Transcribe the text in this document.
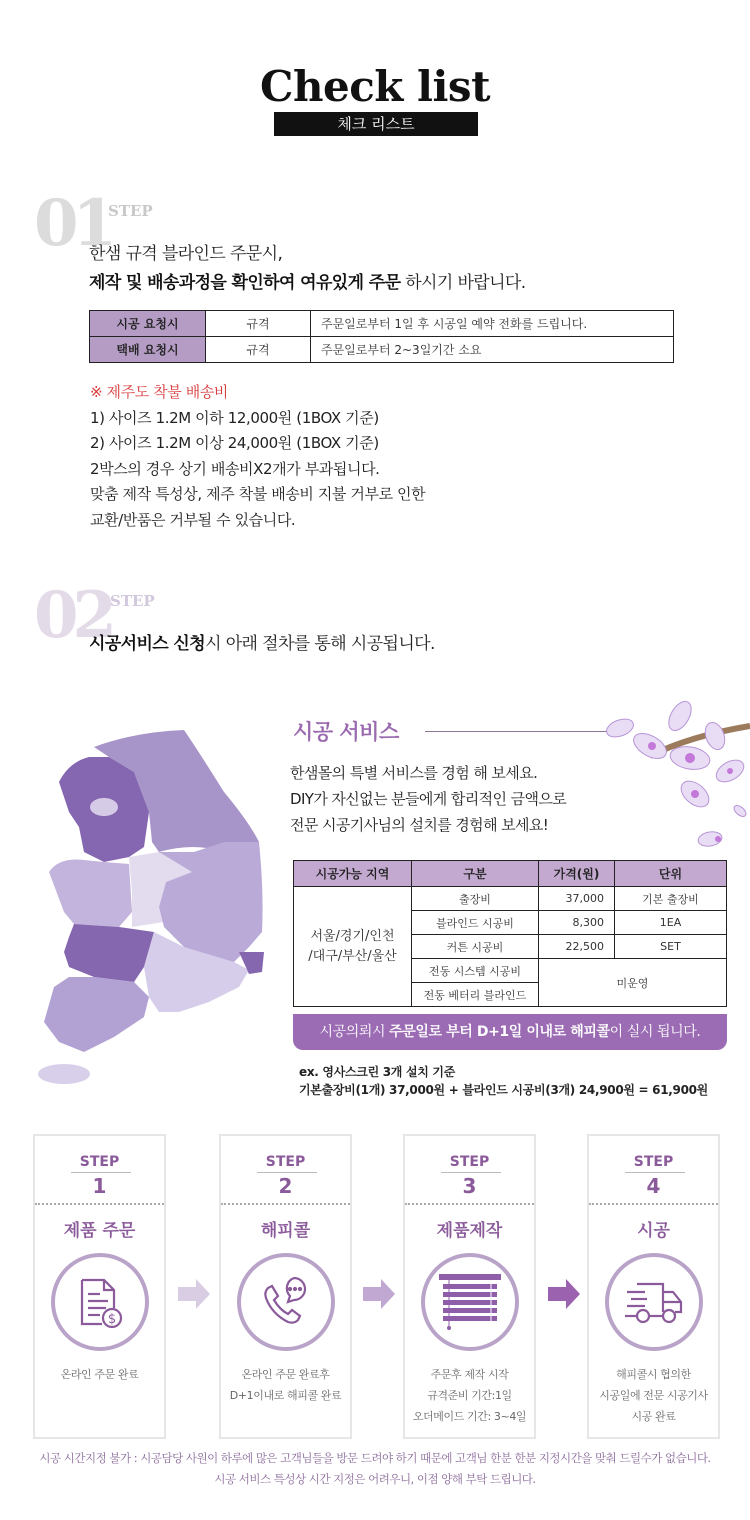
Check list
체크 리스트
01
STEP
한샘 규격 블라인드 주문시,
제작 및 배송과정을 확인하여 여유있게 주문 하시기 바랍니다.
시공 요청시	규격	주문일로부터 1일 후 시공일 예약 전화를 드립니다.
택배 요청시	규격	주문일로부터 2~3일기간 소요
※ 제주도 착불 배송비
1) 사이즈 1.2M 이하 12,000원 (1BOX 기준)
2) 사이즈 1.2M 이상 24,000원 (1BOX 기준)
2박스의 경우 상기 배송비X2개가 부과됩니다.
맞춤 제작 특성상, 제주 착불 배송비 지불 거부로 인한
교환/반품은 거부될 수 있습니다.
02
STEP
시공서비스 신청시 아래 절차를 통해 시공됩니다.
시공 서비스
한샘몰의 특별 서비스를 경험 해 보세요.
DIY가 자신없는 분들에게 합리적인 금액으로
전문 시공기사님의 설치를 경험해 보세요!
시공가능 지역	구분	가격(원)	단위

서울/경기/인천
/대구/부산/울산	출장비	37,000	기본 출장비
	블라인드 시공비	8,300	1EA
	커튼 시공비	22,500	SET
	전동 시스템 시공비	미운영	
	전동 베터리 블라인드		
시공의뢰시 주문일로 부터 D+1일 이내로 해피콜이 실시 됩니다.
ex. 영사스크린 3개 설치 기준
기본출장비(1개) 37,000원 + 블라인드 시공비(3개) 24,900원 = 61,900원
STEP
1
제품 주문
$
온라인 주문 완료
STEP
2
해피콜
온라인 주문 완료후
D+1이내로 해피콜 완료
STEP
3
제품제작
주문후 제작 시작
규격준비 기간:1일
오더메이드 기간: 3~4일
STEP
4
시공
해피콜시 협의한
시공일에 전문 시공기사
시공 완료
시공 시간지정 불가 : 시공담당 사원이 하루에 많은 고객님들을 방문 드려야 하기 때문에 고객님 한분 한분 지정시간을 맞춰 드릴수가 없습니다.
시공 서비스 특성상 시간 지정은 어려우니, 이점 양해 부탁 드립니다.
